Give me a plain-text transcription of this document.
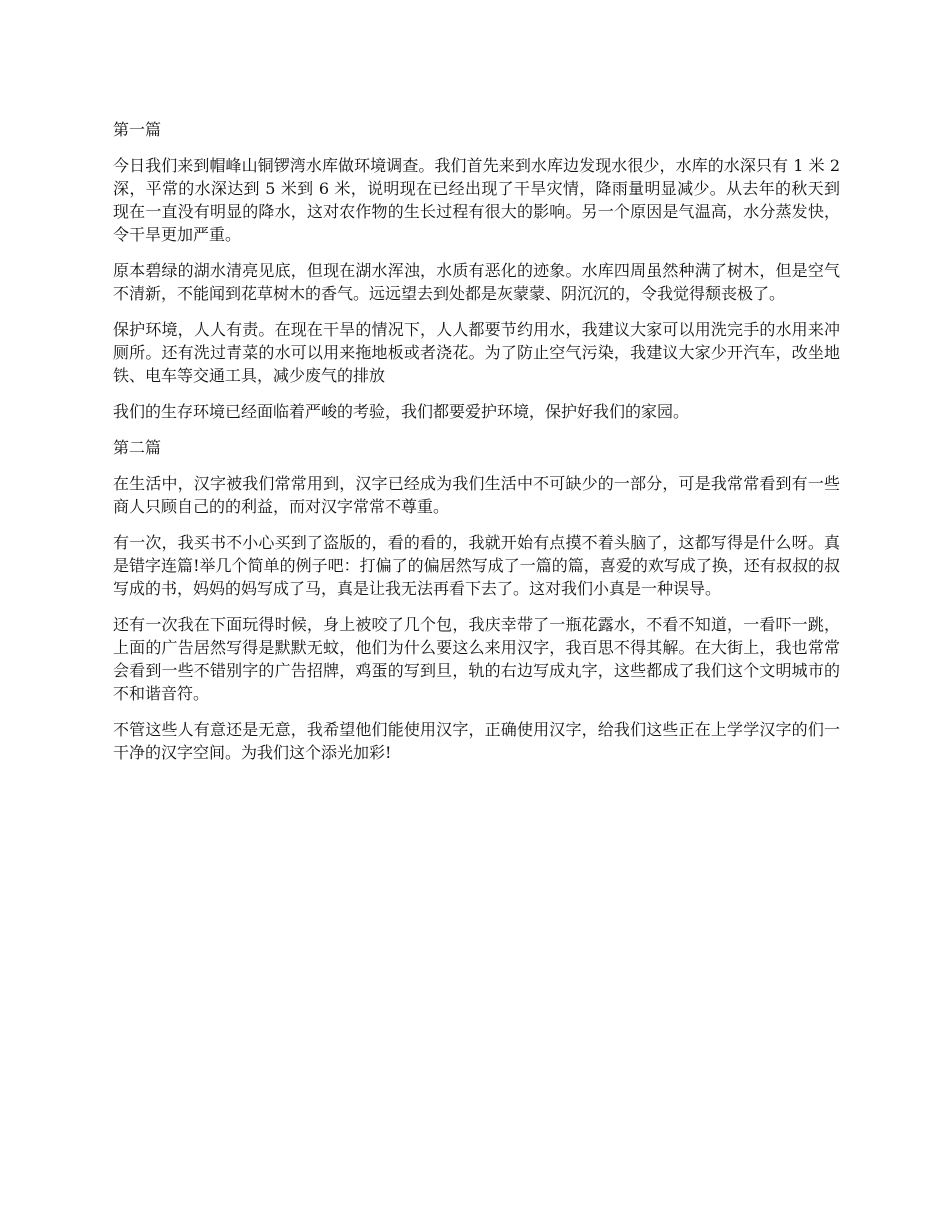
第一篇

今日我们来到帽峰山铜锣湾水库做环境调查。我们首先来到水库边发现水很少，水库的水深只有 1 米 2 深，平常的水深达到 5 米到 6 米，说明现在已经出现了干旱灾情，降雨量明显减少。从去年的秋天到现在一直没有明显的降水，这对农作物的生长过程有很大的影响。另一个原因是气温高，水分蒸发快，令干旱更加严重。

原本碧绿的湖水清亮见底，但现在湖水浑浊，水质有恶化的迹象。水库四周虽然种满了树木，但是空气不清新，不能闻到花草树木的香气。远远望去到处都是灰蒙蒙、阴沉沉的，令我觉得颓丧极了。

保护环境，人人有责。在现在干旱的情况下，人人都要节约用水，我建议大家可以用洗完手的水用来冲厕所。还有洗过青菜的水可以用来拖地板或者浇花。为了防止空气污染，我建议大家少开汽车，改坐地铁、电车等交通工具，减少废气的排放

我们的生存环境已经面临着严峻的考验，我们都要爱护环境，保护好我们的家园。

第二篇

在生活中，汉字被我们常常用到，汉字已经成为我们生活中不可缺少的一部分，可是我常常看到有一些商人只顾自己的的利益，而对汉字常常不尊重。

有一次，我买书不小心买到了盗版的，看的看的，我就开始有点摸不着头脑了，这都写得是什么呀。真是错字连篇!举几个简单的例子吧：打偏了的偏居然写成了一篇的篇，喜爱的欢写成了换，还有叔叔的叔写成的书，妈妈的妈写成了马，真是让我无法再看下去了。这对我们小真是一种误导。

还有一次我在下面玩得时候，身上被咬了几个包，我庆幸带了一瓶花露水，不看不知道，一看吓一跳，上面的广告居然写得是默默无蚊，他们为什么要这么来用汉字，我百思不得其解。在大街上，我也常常会看到一些不错别字的广告招牌，鸡蛋的写到旦，轨的右边写成丸字，这些都成了我们这个文明城市的不和谐音符。

不管这些人有意还是无意，我希望他们能使用汉字，正确使用汉字，给我们这些正在上学学汉字的们一干净的汉字空间。为我们这个添光加彩!
